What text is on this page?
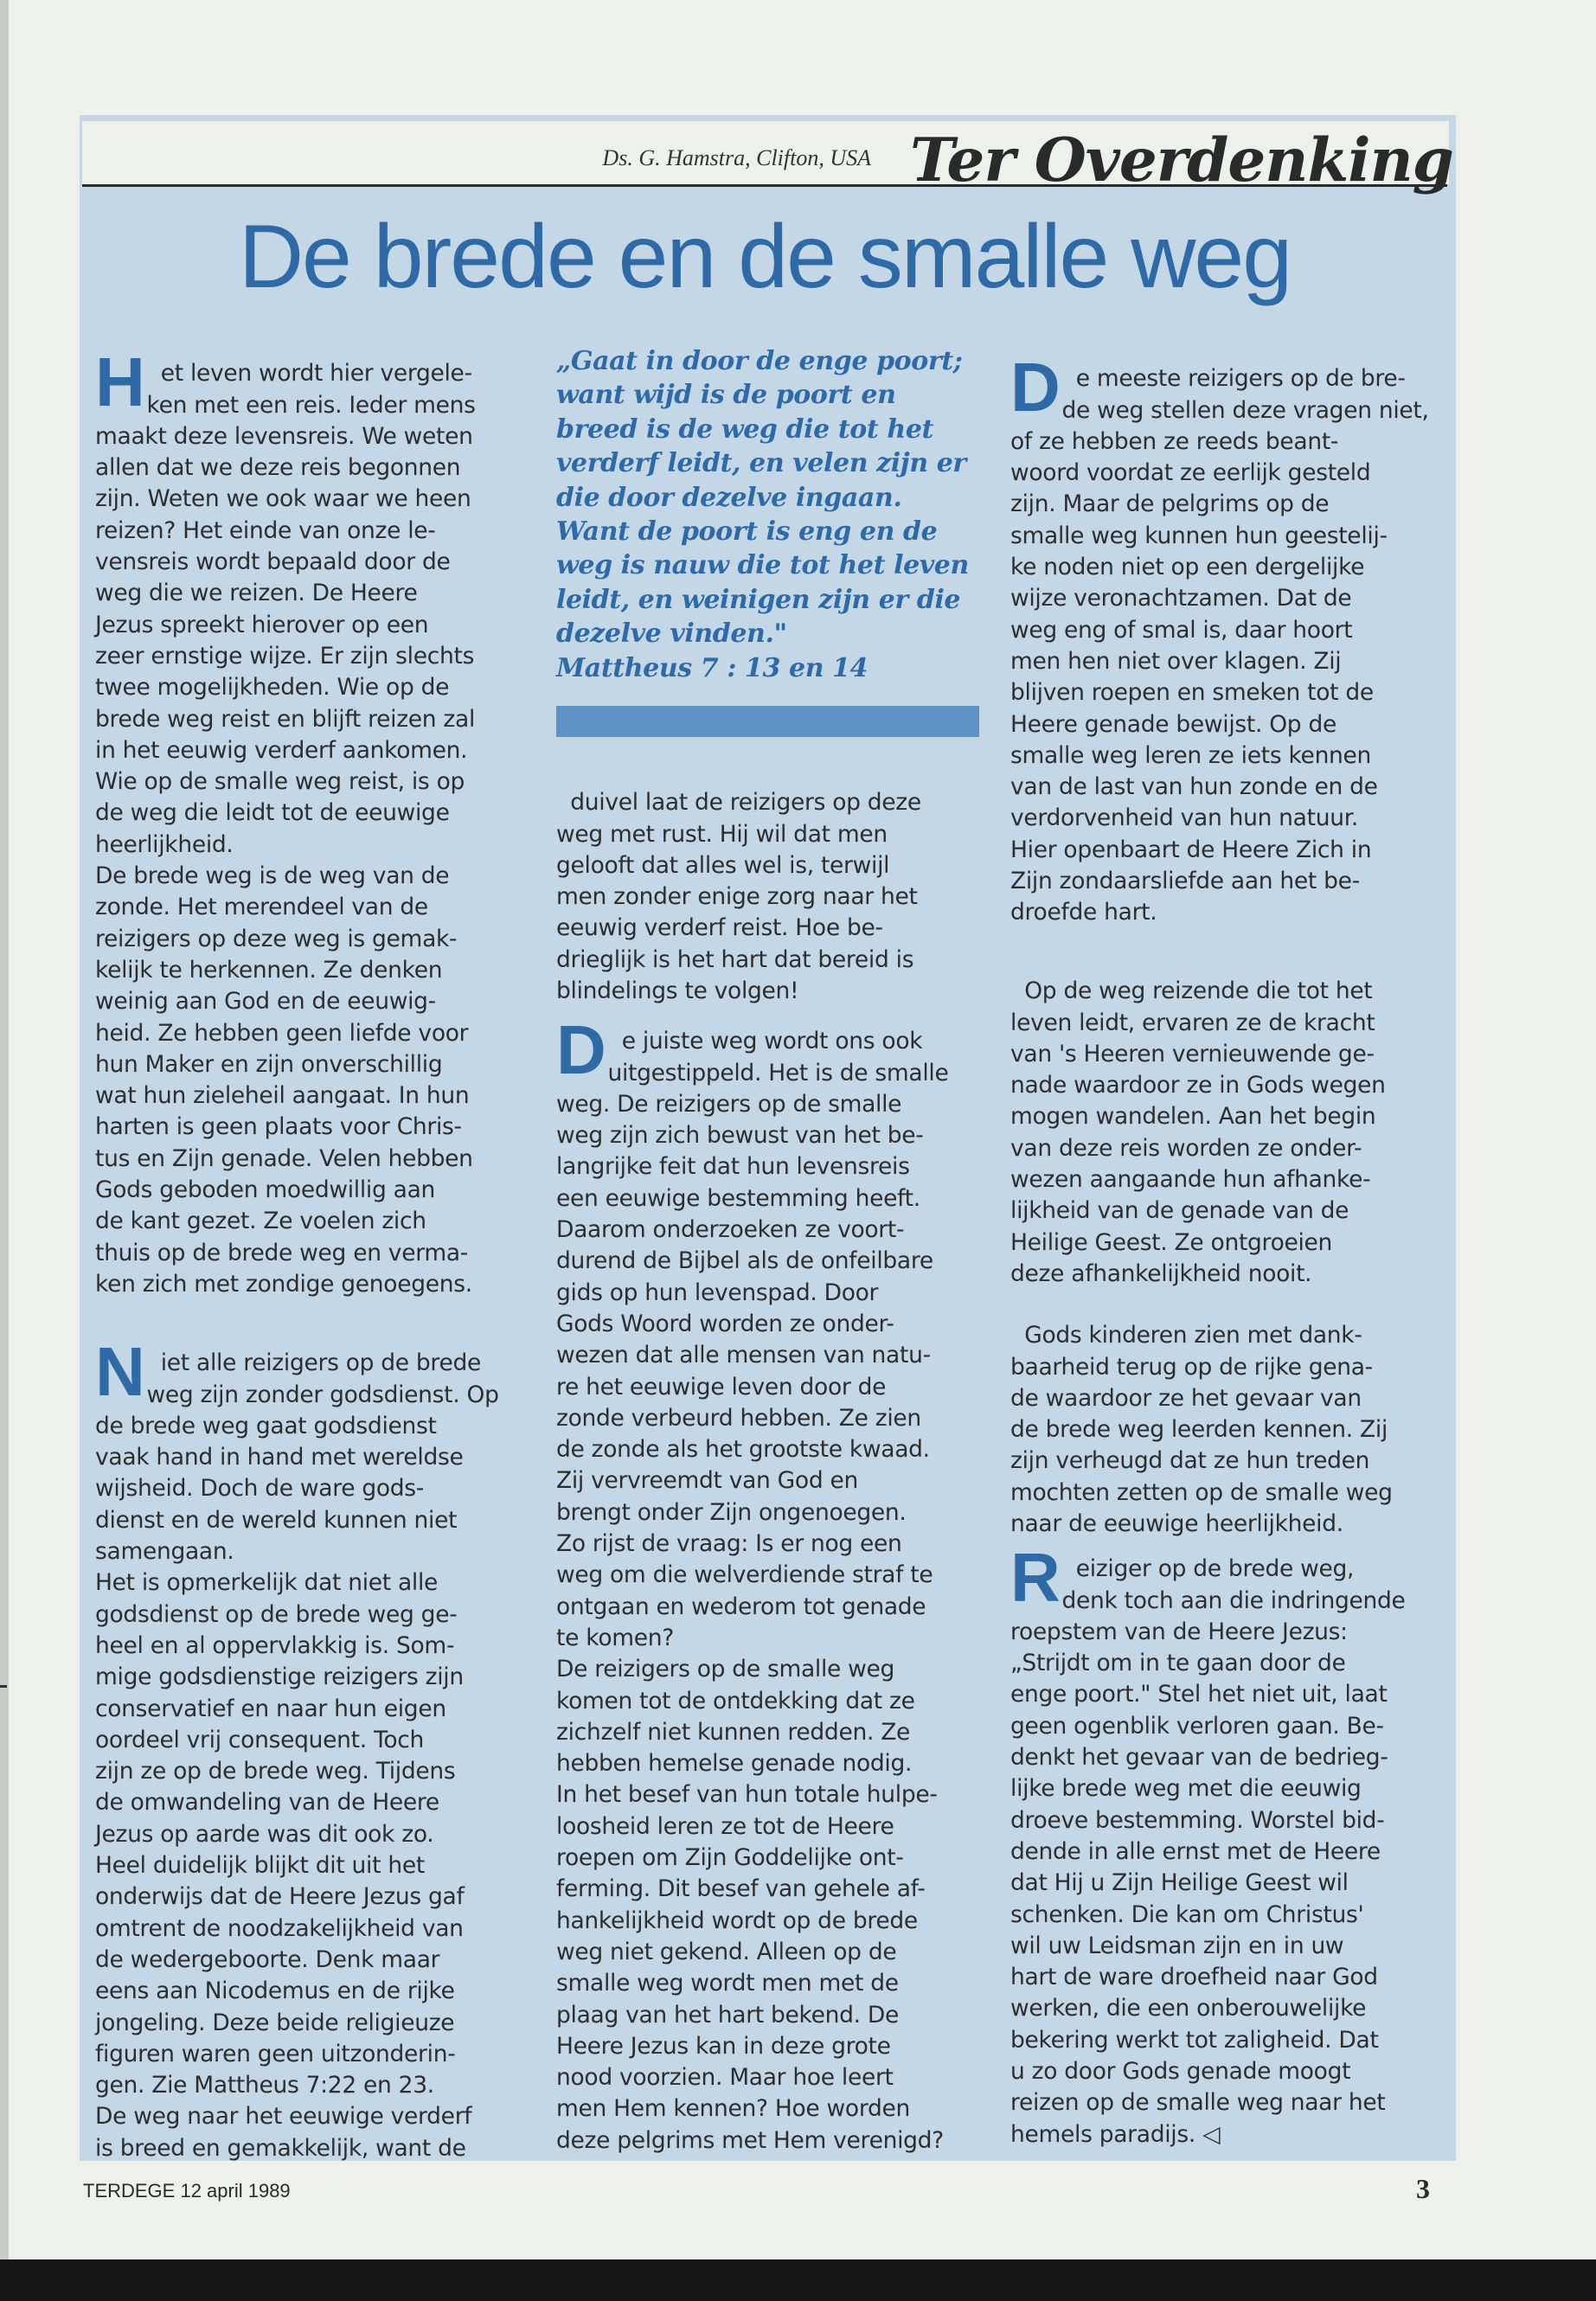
Ds. G. Hamstra, Clifton, USA Ter Overdenking
De brede en de smalle weg

Het leven wordt hier vergele-
ken met een reis. Ieder mens
maakt deze levensreis. We weten
allen dat we deze reis begonnen
zijn. Weten we ook waar we heen
reizen? Het einde van onze le-
vensreis wordt bepaald door de
weg die we reizen. De Heere
Jezus spreekt hierover op een
zeer ernstige wijze. Er zijn slechts
twee mogelijkheden. Wie op de
brede weg reist en blijft reizen zal
in het eeuwig verderf aankomen.
Wie op de smalle weg reist, is op
de weg die leidt tot de eeuwige
heerlijkheid.
De brede weg is de weg van de
zonde. Het merendeel van de
reizigers op deze weg is gemak-
kelijk te herkennen. Ze denken
weinig aan God en de eeuwig-
heid. Ze hebben geen liefde voor
hun Maker en zijn onverschillig
wat hun zieleheil aangaat. In hun
harten is geen plaats voor Chris-
tus en Zijn genade. Velen hebben
Gods geboden moedwillig aan
de kant gezet. Ze voelen zich
thuis op de brede weg en verma-
ken zich met zondige genoegens.

Niet alle reizigers op de brede
weg zijn zonder godsdienst. Op
de brede weg gaat godsdienst
vaak hand in hand met wereldse
wijsheid. Doch de ware gods-
dienst en de wereld kunnen niet
samengaan.
Het is opmerkelijk dat niet alle
godsdienst op de brede weg ge-
heel en al oppervlakkig is. Som-
mige godsdienstige reizigers zijn
conservatief en naar hun eigen
oordeel vrij consequent. Toch
zijn ze op de brede weg. Tijdens
de omwandeling van de Heere
Jezus op aarde was dit ook zo.
Heel duidelijk blijkt dit uit het
onderwijs dat de Heere Jezus gaf
omtrent de noodzakelijkheid van
de wedergeboorte. Denk maar
eens aan Nicodemus en de rijke
jongeling. Deze beide religieuze
figuren waren geen uitzonderin-
gen. Zie Mattheus 7:22 en 23.
De weg naar het eeuwige verderf
is breed en gemakkelijk, want de

„Gaat in door de enge poort;
want wijd is de poort en
breed is de weg die tot het
verderf leidt, en velen zijn er
die door dezelve ingaan.
Want de poort is eng en de
weg is nauw die tot het leven
leidt, en weinigen zijn er die
dezelve vinden."
Mattheus 7 : 13 en 14

duivel laat de reizigers op deze
weg met rust. Hij wil dat men
gelooft dat alles wel is, terwijl
men zonder enige zorg naar het
eeuwig verderf reist. Hoe be-
drieglijk is het hart dat bereid is
blindelings te volgen!

De juiste weg wordt ons ook
uitgestippeld. Het is de smalle
weg. De reizigers op de smalle
weg zijn zich bewust van het be-
langrijke feit dat hun levensreis
een eeuwige bestemming heeft.
Daarom onderzoeken ze voort-
durend de Bijbel als de onfeilbare
gids op hun levenspad. Door
Gods Woord worden ze onder-
wezen dat alle mensen van natu-
re het eeuwige leven door de
zonde verbeurd hebben. Ze zien
de zonde als het grootste kwaad.
Zij vervreemdt van God en
brengt onder Zijn ongenoegen.
Zo rijst de vraag: Is er nog een
weg om die welverdiende straf te
ontgaan en wederom tot genade
te komen?
De reizigers op de smalle weg
komen tot de ontdekking dat ze
zichzelf niet kunnen redden. Ze
hebben hemelse genade nodig.
In het besef van hun totale hulpe-
loosheid leren ze tot de Heere
roepen om Zijn Goddelijke ont-
ferming. Dit besef van gehele af-
hankelijkheid wordt op de brede
weg niet gekend. Alleen op de
smalle weg wordt men met de
plaag van het hart bekend. De
Heere Jezus kan in deze grote
nood voorzien. Maar hoe leert
men Hem kennen? Hoe worden
deze pelgrims met Hem verenigd?

De meeste reizigers op de bre-
de weg stellen deze vragen niet,
of ze hebben ze reeds beant-
woord voordat ze eerlijk gesteld
zijn. Maar de pelgrims op de
smalle weg kunnen hun geestelij-
ke noden niet op een dergelijke
wijze veronachtzamen. Dat de
weg eng of smal is, daar hoort
men hen niet over klagen. Zij
blijven roepen en smeken tot de
Heere genade bewijst. Op de
smalle weg leren ze iets kennen
van de last van hun zonde en de
verdorvenheid van hun natuur.
Hier openbaart de Heere Zich in
Zijn zondaarsliefde aan het be-
droefde hart.

Op de weg reizende die tot het
leven leidt, ervaren ze de kracht
van 's Heeren vernieuwende ge-
nade waardoor ze in Gods wegen
mogen wandelen. Aan het begin
van deze reis worden ze onder-
wezen aangaande hun afhanke-
lijkheid van de genade van de
Heilige Geest. Ze ontgroeien
deze afhankelijkheid nooit.

Gods kinderen zien met dank-
baarheid terug op de rijke gena-
de waardoor ze het gevaar van
de brede weg leerden kennen. Zij
zijn verheugd dat ze hun treden
mochten zetten op de smalle weg
naar de eeuwige heerlijkheid.

Reiziger op de brede weg,
denk toch aan die indringende
roepstem van de Heere Jezus:
„Strijdt om in te gaan door de
enge poort." Stel het niet uit, laat
geen ogenblik verloren gaan. Be-
denkt het gevaar van de bedrieg-
lijke brede weg met die eeuwig
droeve bestemming. Worstel bid-
dende in alle ernst met de Heere
dat Hij u Zijn Heilige Geest wil
schenken. Die kan om Christus'
wil uw Leidsman zijn en in uw
hart de ware droefheid naar God
werken, die een onberouwelijke
bekering werkt tot zaligheid. Dat
u zo door Gods genade moogt
reizen op de smalle weg naar het
hemels paradijs. ◁

TERDEGE 12 april 1989	3
